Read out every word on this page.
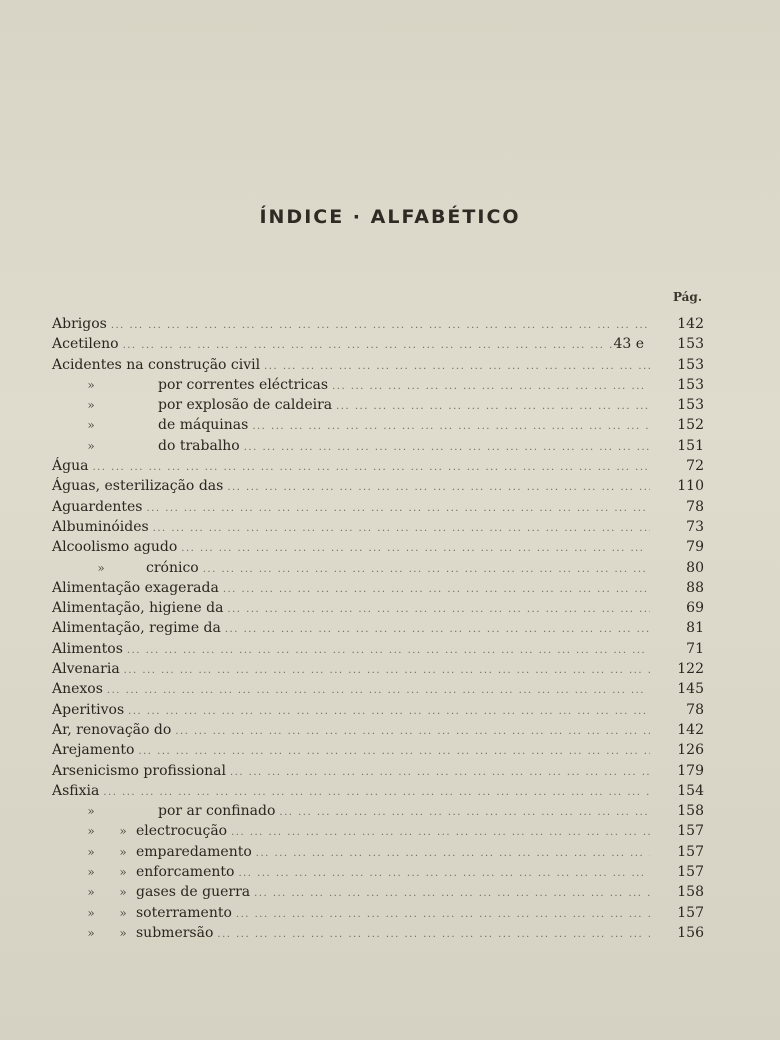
ÍNDICE · ALFABÉTICO
Pág.
Abrigos ... .	142
Acetileno ... .	43 e	153
Acidentes na construção civil ... .	153
»	por correntes eléctricas ... .	153
»	por explosão de caldeira ... .	153
»	de máquinas ... .	152
»	do trabalho ... .	151
Água ... .	72
Águas, esterilização das ... .	110
Aguardentes ... .	78
Albuminóides ... .	73
Alcoolismo agudo ... .	79
»	crónico ... .	80
Alimentação exagerada ... .	88
Alimentação, higiene da ... .	69
Alimentação, regime da ... .	81
Alimentos ... .	71
Alvenaria ... .	122
Anexos ... .	145
Aperitivos ... .	78
Ar, renovação do ... .	142
Arejamento ... .	126
Arsenicismo profissional ... .	179
Asfixia ... .	154
»	por ar confinado ... .	158
» » electrocução ... .	157
» » emparedamento ... .	157
» » enforcamento ... .	157
» » gases de guerra ... .	158
» » soterramento ... .	157
» » submersão ... .	156
